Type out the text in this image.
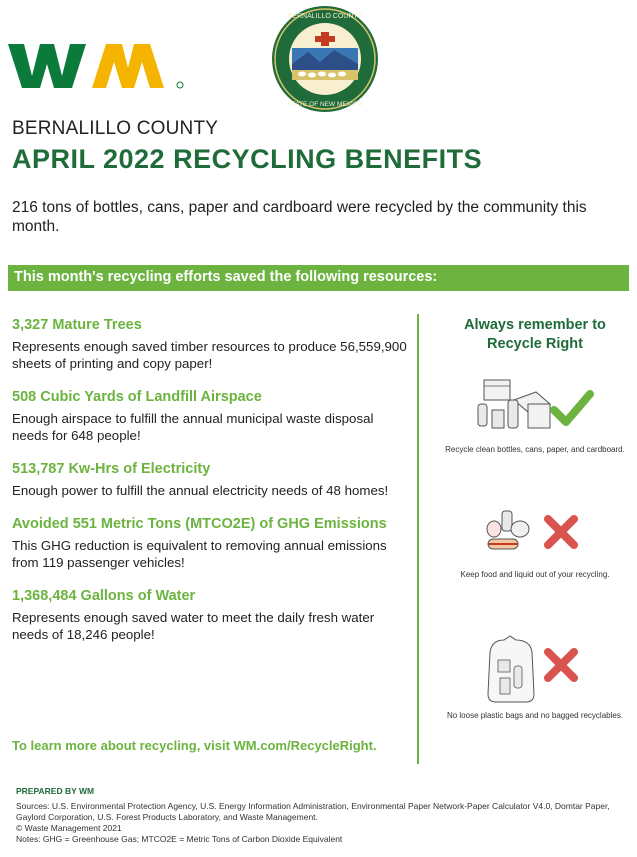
BERNALILLO COUNTY
STATE OF NEW MEXICO
BERNALILLO COUNTY
APRIL 2022 RECYCLING BENEFITS
216 tons of bottles, cans, paper and cardboard were recycled by the community this month.
This month's recycling efforts saved the following resources:
3,327 Mature Trees
Represents enough saved timber resources to produce 56,559,900 sheets of printing and copy paper!
508 Cubic Yards of Landfill Airspace
Enough airspace to fulfill the annual municipal waste disposal needs for 648 people!
513,787 Kw-Hrs of Electricity
Enough power to fulfill the annual electricity needs of 48 homes!
Avoided 551 Metric Tons (MTCO2E) of GHG Emissions
This GHG reduction is equivalent to removing annual emissions from 119 passenger vehicles!
1,368,484 Gallons of Water
Represents enough saved water to meet the daily fresh water needs of 18,246 people!
To learn more about recycling, visit WM.com/RecycleRight.
Always remember to Recycle Right
Recycle clean bottles, cans, paper, and cardboard.
Keep food and liquid out of your recycling.
No loose plastic bags and no bagged recyclables.
PREPARED BY WM

Sources: U.S. Environmental Protection Agency, U.S. Energy Information Administration, Environmental Paper Network-Paper Calculator V4.0, Domtar Paper, Gaylord Corporation, U.S. Forest Products Laboratory, and Waste Management.

© Waste Management 2021

Notes: GHG = Greenhouse Gas; MTCO2E = Metric Tons of Carbon Dioxide Equivalent
